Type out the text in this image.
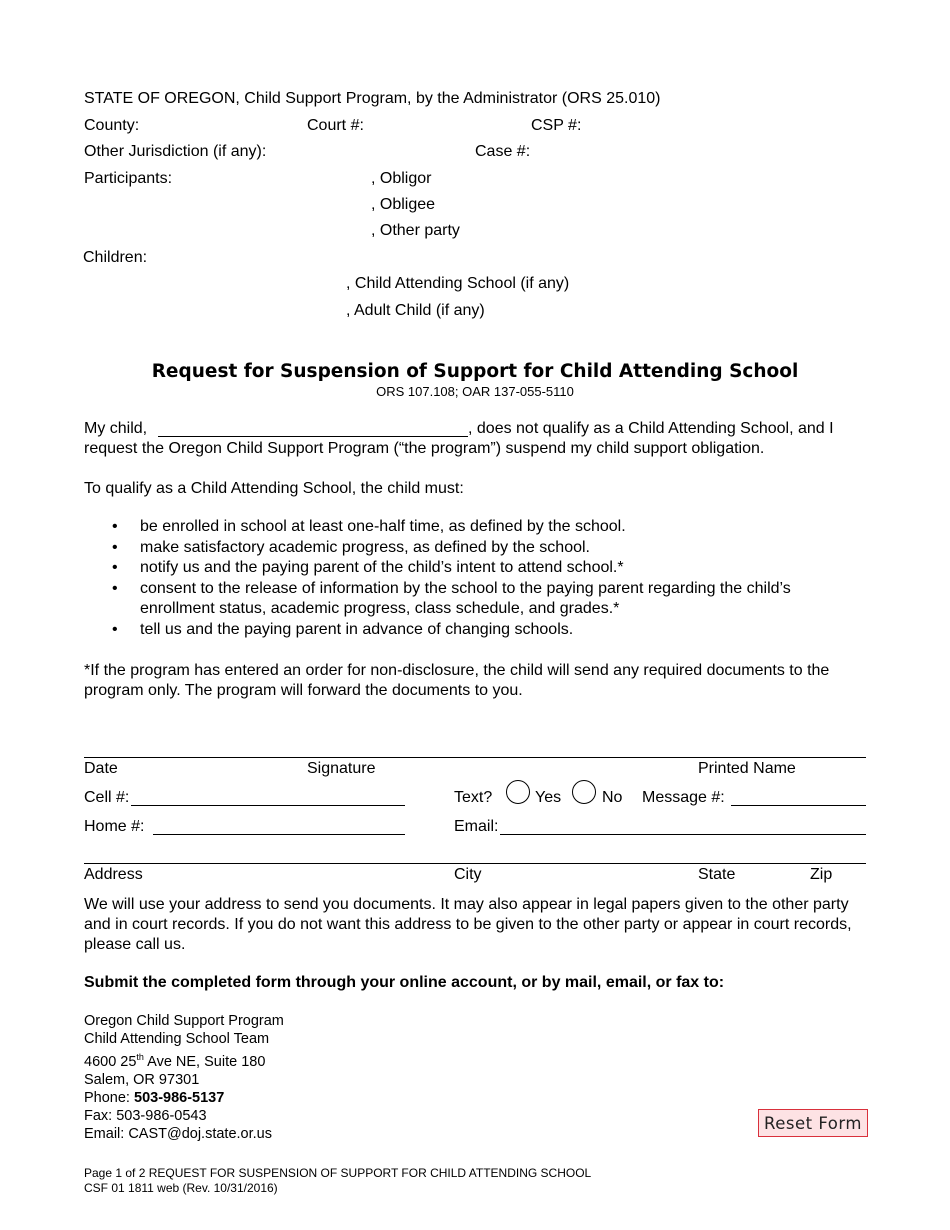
STATE OF OREGON, Child Support Program, by the Administrator (ORS 25.010)
County:	Court #:	CSP #:
Other Jurisdiction (if any):	Case #:
Participants:	, Obligor
, Obligee
, Other party
Children:
, Child Attending School (if any)
, Adult Child (if any)
Request for Suspension of Support for Child Attending School
ORS 107.108; OAR 137-055-5110
My child,	, does not qualify as a Child Attending School, and I
request the Oregon Child Support Program (“the program”) suspend my child support obligation.
To qualify as a Child Attending School, the child must:
• be enrolled in school at least one-half time, as defined by the school.
• make satisfactory academic progress, as defined by the school.
• notify us and the paying parent of the child’s intent to attend school.*
• consent to the release of information by the school to the paying parent regarding the child’s enrollment status, academic progress, class schedule, and grades.*
• tell us and the paying parent in advance of changing schools.
*If the program has entered an order for non-disclosure, the child will send any required documents to the program only. The program will forward the documents to you.
Date	Signature	Printed Name
Cell #:	Text?	Yes	No Message #:
Home #:	Email:
Address	City	State	Zip
We will use your address to send you documents. It may also appear in legal papers given to the other party and in court records. If you do not want this address to be given to the other party or appear in court records, please call us.
Submit the completed form through your online account, or by mail, email, or fax to:
Oregon Child Support Program
Child Attending School Team
4600 25th Ave NE, Suite 180
Salem, OR 97301
Phone: 503-986-5137
Fax: 503-986-0543
Email: CAST@doj.state.or.us
Reset Form
Page 1 of 2 REQUEST FOR SUSPENSION OF SUPPORT FOR CHILD ATTENDING SCHOOL
CSF 01 1811 web (Rev. 10/31/2016)
